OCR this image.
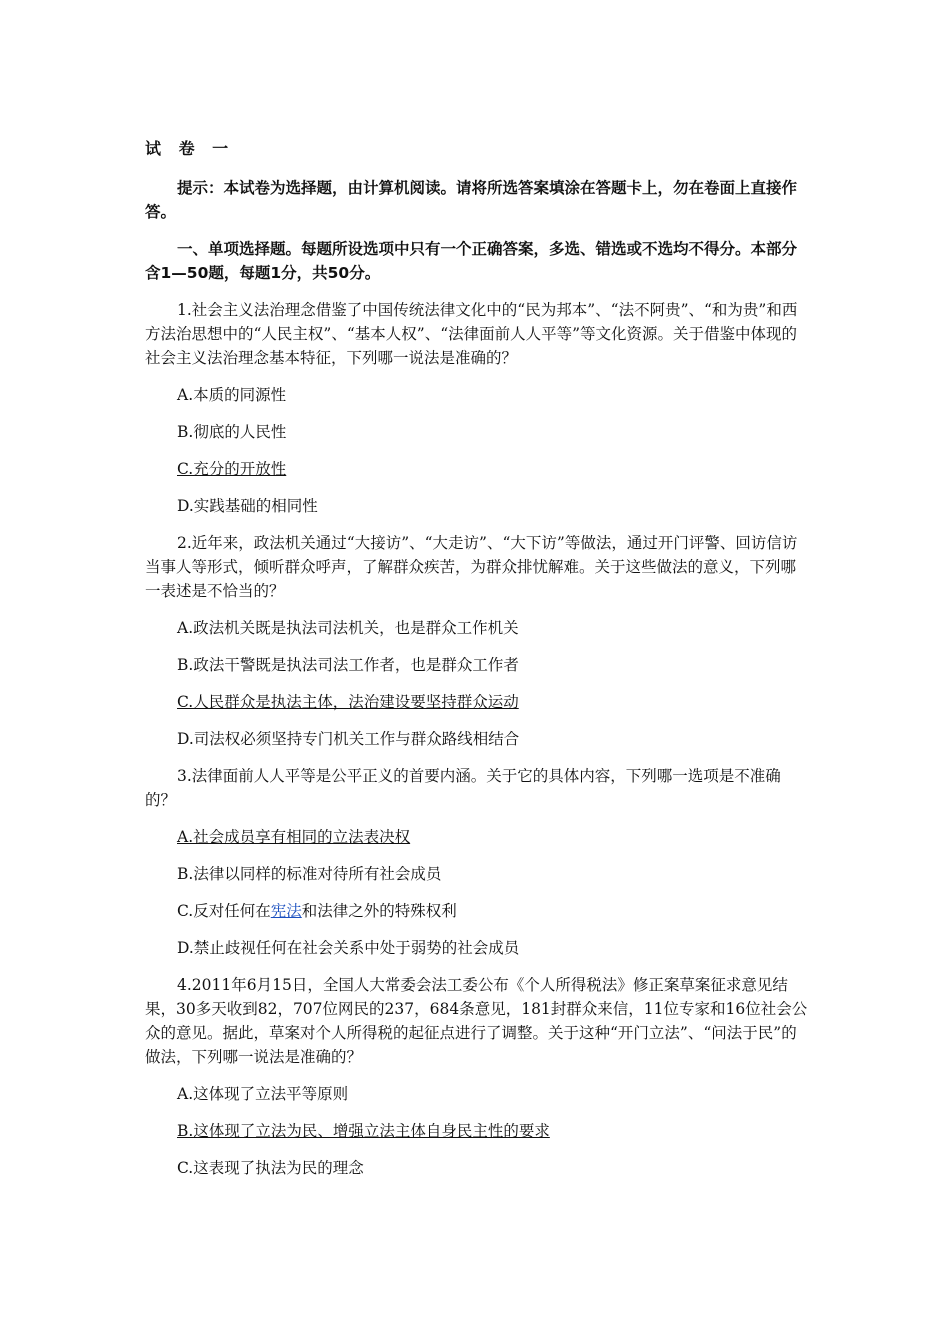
试 卷 一

提示：本试卷为选择题，由计算机阅读。请将所选答案填涂在答题卡上，勿在卷面上直接作答。

一、单项选择题。每题所设选项中只有一个正确答案，多选、错选或不选均不得分。本部分含1—50题，每题1分，共50分。

1.社会主义法治理念借鉴了中国传统法律文化中的“民为邦本”、“法不阿贵”、“和为贵”和西方法治思想中的“人民主权”、“基本人权”、“法律面前人人平等”等文化资源。关于借鉴中体现的社会主义法治理念基本特征，下列哪一说法是准确的？

A.本质的同源性

B.彻底的人民性

C.充分的开放性

D.实践基础的相同性

2.近年来，政法机关通过“大接访”、“大走访”、“大下访”等做法，通过开门评警、回访信访当事人等形式，倾听群众呼声，了解群众疾苦，为群众排忧解难。关于这些做法的意义，下列哪一表述是不恰当的？

A.政法机关既是执法司法机关，也是群众工作机关

B.政法干警既是执法司法工作者，也是群众工作者

C.人民群众是执法主体，法治建设要坚持群众运动

D.司法权必须坚持专门机关工作与群众路线相结合

3.法律面前人人平等是公平正义的首要内涵。关于它的具体内容，下列哪一选项是不准确的？

A.社会成员享有相同的立法表决权

B.法律以同样的标准对待所有社会成员

C.反对任何在宪法和法律之外的特殊权利

D.禁止歧视任何在社会关系中处于弱势的社会成员

4.2011年6月15日，全国人大常委会法工委公布《个人所得税法》修正案草案征求意见结果，30多天收到82，707位网民的237，684条意见，181封群众来信，11位专家和16位社会公众的意见。据此，草案对个人所得税的起征点进行了调整。关于这种“开门立法”、“问法于民”的做法，下列哪一说法是准确的？

A.这体现了立法平等原则

B.这体现了立法为民、增强立法主体自身民主性的要求

C.这表现了执法为民的理念
